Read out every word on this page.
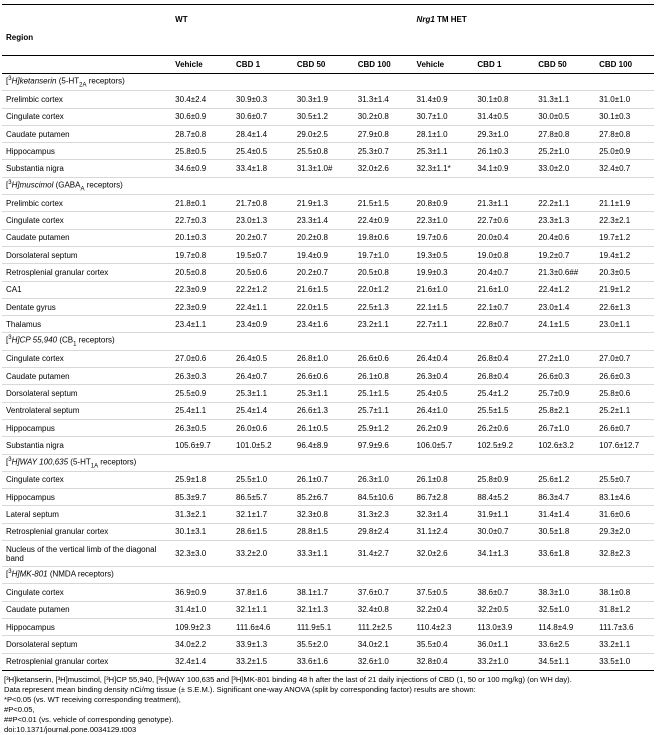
Region	WT				Nrg1 TM HET			
	Vehicle	CBD 1	CBD 50	CBD 100	Vehicle	CBD 1	CBD 50	CBD 100
[$^3$H]ketanserin ($5-HT_{2A}$ receptors)								
Prelimbic cortex	30.4±2.4	30.9±0.3	30.3±1.9	31.3±1.4	31.4±0.9	30.1±0.8	31.3±1.1	31.0±1.0
Cingulate cortex	30.6±0.9	30.6±0.7	30.5±1.2	30.2±0.8	30.7±1.0	31.4±0.5	30.0±0.5	30.1±0.3
Caudate putamen	28.7±0.8	28.4±1.4	29.0±2.5	27.9±0.8	28.1±1.0	29.3±1.0	27.8±0.8	27.8±0.8
Hippocampus	25.8±0.5	25.4±0.5	25.5±0.8	25.3±0.7	25.3±1.1	26.1±0.3	25.2±1.0	25.0±0.9
Substantia nigra	34.6±0.9	33.4±1.8	31.3±1.0#	32.0±2.6	32.3±1.1*	34.1±0.9	33.0±2.0	32.4±0.7
[$^3$H]muscimol ($GABA_A$ receptors)								
Prelimbic cortex	21.8±0.1	21.7±0.8	21.9±1.3	21.5±1.5	20.8±0.9	21.3±1.1	22.2±1.1	21.1±1.9
Cingulate cortex	22.7±0.3	23.0±1.3	23.3±1.4	22.4±0.9	22.3±1.0	22.7±0.6	23.3±1.3	22.3±2.1
Caudate putamen	20.1±0.3	20.2±0.7	20.2±0.8	19.8±0.6	19.7±0.6	20.0±0.4	20.4±0.6	19.7±1.2
Dorsolateral septum	19.7±0.8	19.5±0.7	19.4±0.9	19.7±1.0	19.3±0.5	19.0±0.8	19.2±0.7	19.4±1.2
Retrosplenial granular cortex	20.5±0.8	20.5±0.6	20.2±0.7	20.5±0.8	19.9±0.3	20.4±0.7	21.3±0.6##	20.3±0.5
CA1	22.3±0.9	22.2±1.2	21.6±1.5	22.0±1.2	21.6±1.0	21.6±1.0	22.4±1.2	21.9±1.2
Dentate gyrus	22.3±0.9	22.4±1.1	22.0±1.5	22.5±1.3	22.1±1.5	22.1±0.7	23.0±1.4	22.6±1.3
Thalamus	23.4±1.1	23.4±0.9	23.4±1.6	23.2±1.1	22.7±1.1	22.8±0.7	24.1±1.5	23.0±1.1
[$^3$H]CP 55,940 ($CB_1$ receptors)								
Cingulate cortex	27.0±0.6	26.4±0.5	26.8±1.0	26.6±0.6	26.4±0.4	26.8±0.4	27.2±1.0	27.0±0.7
Caudate putamen	26.3±0.3	26.4±0.7	26.6±0.6	26.1±0.8	26.3±0.4	26.8±0.4	26.6±0.3	26.6±0.3
Dorsolateral septum	25.5±0.9	25.3±1.1	25.3±1.1	25.1±1.5	25.4±0.5	25.4±1.2	25.7±0.9	25.8±0.6
Ventrolateral septum	25.4±1.1	25.4±1.4	26.6±1.3	25.7±1.1	26.4±1.0	25.5±1.5	25.8±2.1	25.2±1.1
Hippocampus	26.3±0.5	26.0±0.6	26.1±0.5	25.9±1.2	26.2±0.9	26.2±0.6	26.7±1.0	26.6±0.7
Substantia nigra	105.6±9.7	101.0±5.2	96.4±8.9	97.9±9.6	106.0±5.7	102.5±9.2	102.6±3.2	107.6±12.7
[$^3$H]WAY 100,635 ($5-HT_{1A}$ receptors)								
Cingulate cortex	25.9±1.8	25.5±1.0	26.1±0.7	26.3±1.0	26.1±0.8	25.8±0.9	25.6±1.2	25.5±0.7
Hippocampus	85.3±9.7	86.5±5.7	85.2±6.7	84.5±10.6	86.7±2.8	88.4±5.2	86.3±4.7	83.1±4.6
Lateral septum	31.3±2.1	32.1±1.7	32.3±0.8	31.3±2.3	32.3±1.4	31.9±1.1	31.4±1.4	31.6±0.6
Retrosplenial granular cortex	30.1±3.1	28.6±1.5	28.8±1.5	29.8±2.4	31.1±2.4	30.0±0.7	30.5±1.8	29.3±2.0
Nucleus of the vertical limb of the diagonal band	32.3±3.0	33.2±2.0	33.3±1.1	31.4±2.7	32.0±2.6	34.1±1.3	33.6±1.8	32.8±2.3
[$^3$H]MK-801 (NMDA receptors)								
Cingulate cortex	36.9±0.9	37.8±1.6	38.1±1.7	37.6±0.7	37.5±0.5	38.6±0.7	38.3±1.0	38.1±0.8
Caudate putamen	31.4±1.0	32.1±1.1	32.1±1.3	32.4±0.8	32.2±0.4	32.2±0.5	32.5±1.0	31.8±1.2
Hippocampus	109.9±2.3	111.6±4.6	111.9±5.1	111.2±2.5	110.4±2.3	113.0±3.9	114.8±4.9	111.7±3.6
Dorsolateral septum	34.0±2.2	33.9±1.3	35.5±2.0	34.0±2.1	35.5±0.4	36.0±1.1	33.6±2.5	33.2±1.1
Retrosplenial granular cortex	32.4±1.4	33.2±1.5	33.6±1.6	32.6±1.0	32.8±0.4	33.2±1.0	34.5±1.1	33.5±1.0
[³H]ketanserin, [³H]muscimol, [³H]CP 55,940, [³H]WAY 100,635 and [³H]MK-801 binding 48 h after the last of 21 daily injections of CBD (1, 50 or 100 mg/kg) (on WH day).
Data represent mean binding density nCi/mg tissue (± S.E.M.). Significant one-way ANOVA (split by corresponding factor) results are shown:
*P<0.05 (vs. WT receiving corresponding treatment),
#P<0.05,
##P<0.01 (vs. vehicle of corresponding genotype).
doi:10.1371/journal.pone.0034129.t003
